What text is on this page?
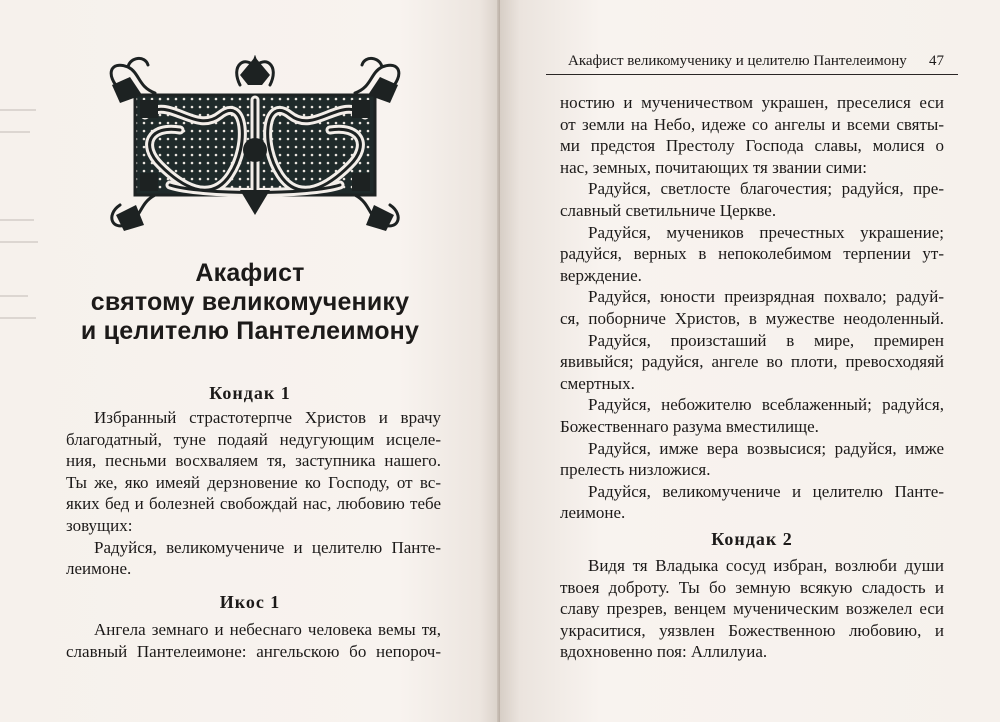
Акафист
святому великомученику
и целителю Пантелеимону
Кондак 1
Избранный страстотерпче Христов и врачу
благодатный, туне подаяй недугующим исцеле-
ния, песньми восхваляем тя, заступника нашего.
Ты же, яко имеяй дерзновение ко Господу, от вс-
яких бед и болезней свобождай нас, любовию тебе
зовущих:
Радуйся, великомучениче и целителю Панте-
леимоне.
Икос 1
Ангела земнаго и небеснаго человека вемы тя,
славный Пантелеимоне: ангельскою бо непороч-
Акафист великомученику и целителю Пантелеимону 47
ностию и мученичеством украшен, преселися еси
от земли на Небо, идеже со ангелы и всеми святы-
ми предстоя Престолу Господа славы, молися о
нас, земных, почитающих тя звании сими:
Радуйся, светлосте благочестия; радуйся, пре-
славный светильниче Церкве.
Радуйся, мучеников пречестных украшение;
радуйся, верных в непоколебимом терпении ут-
верждение.
Радуйся, юности преизрядная похвало; радуй-
ся, поборниче Христов, в мужестве неодоленный.
Радуйся, произсташий в мире, премирен
явивыйся; радуйся, ангеле во плоти, превосходяяй
смертных.
Радуйся, небожителю всеблаженный; радуйся,
Божественнаго разума вместилище.
Радуйся, имже вера возвысися; радуйся, имже
прелесть низложися.
Радуйся, великомучениче и целителю Панте-
леимоне.
Кондак 2
Видя тя Владыка сосуд избран, возлюби души
твоея доброту. Ты бо земную всякую сладость и
славу презрев, венцем мученическим возжелел еси
украситися, уязвлен Божественною любовию, и
вдохновенно поя: Аллилуиа.
